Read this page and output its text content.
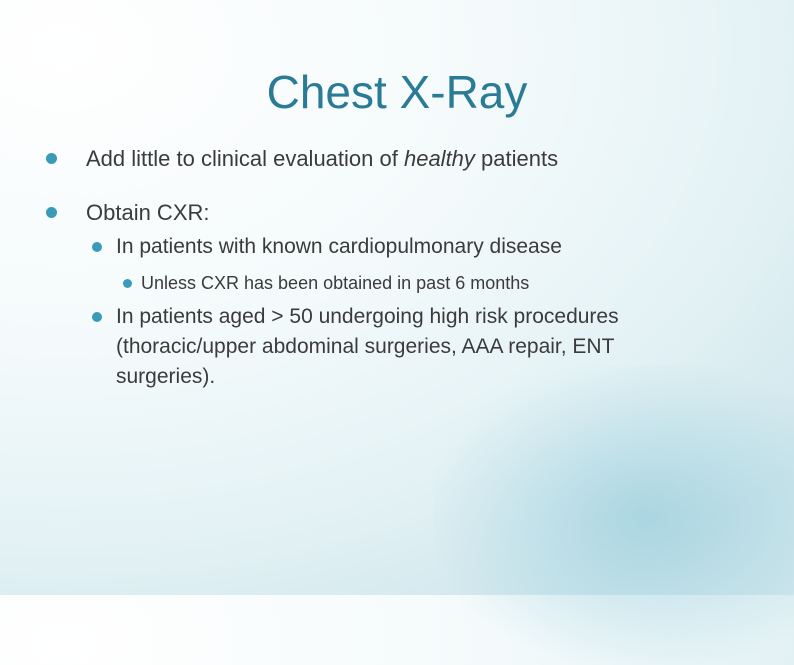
Chest X-Ray
Add little to clinical evaluation of healthy patients
Obtain CXR:
In patients with known cardiopulmonary disease
Unless CXR has been obtained in past 6 months
In patients aged > 50 undergoing high risk procedures
(thoracic/upper abdominal surgeries, AAA repair, ENT
surgeries).
